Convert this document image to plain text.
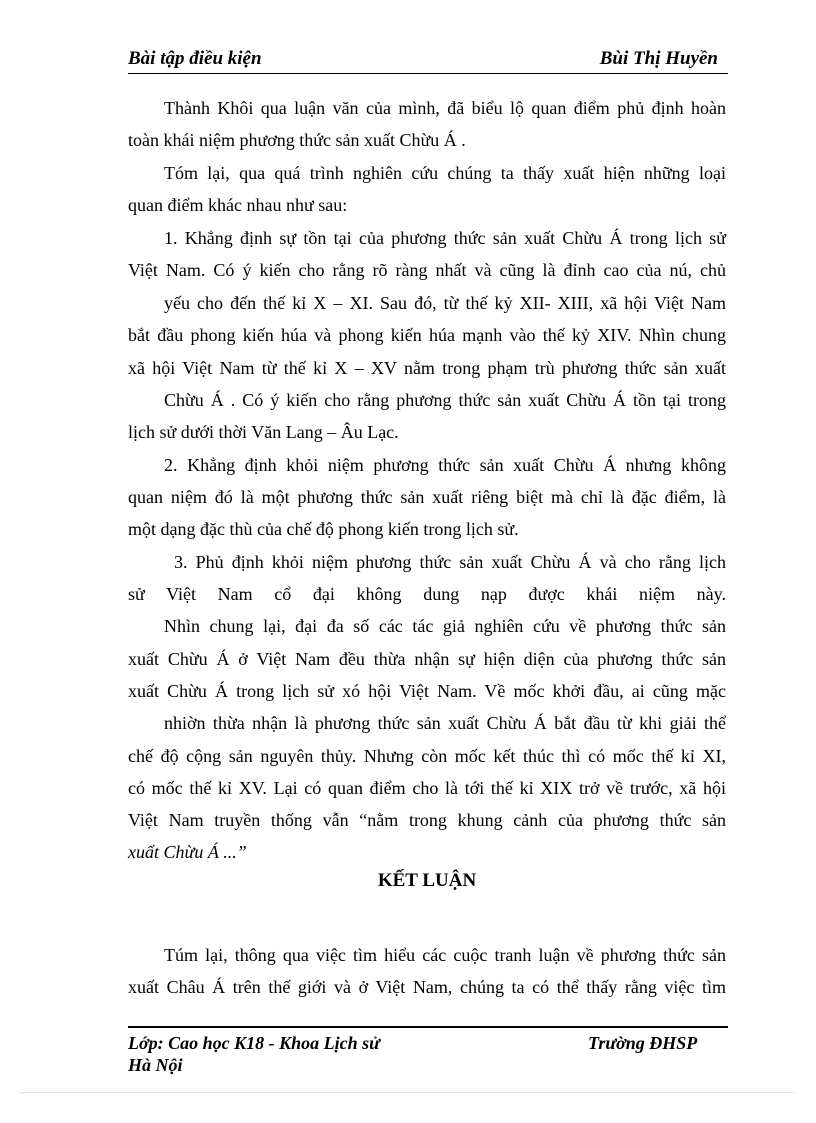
Bài tập điều kiện	Bùi Thị Huyền
Thành Khôi qua luận văn của mình, đã biểu lộ quan điểm phủ định hoàn
toàn khái niệm phương thức sản xuất Chừu Á .
Tóm lại, qua quá trình nghiên cứu chúng ta thấy xuất hiện những loại
quan điểm khác nhau như sau:
1. Khẳng định sự tồn tại của phương thức sản xuất Chừu Á trong lịch sử
Việt Nam. Có ý kiến cho rằng rõ ràng nhất và cũng là đỉnh cao của nú, chủ
yếu cho đến thế kỉ X – XI. Sau đó, từ thế kỷ XII- XIII, xã hội Việt Nam
bắt đầu phong kiến húa và phong kiến húa mạnh vào thế kỷ XIV. Nhìn chung
xã hội Việt Nam từ thế kỉ X – XV nằm trong phạm trù phương thức sản xuất
Chừu Á . Có ý kiến cho rằng phương thức sản xuất Chừu Á tồn tại trong
lịch sử dưới thời Văn Lang – Âu Lạc.
2. Khẳng định khỏi niệm phương thức sản xuất Chừu Á nhưng không
quan niệm đó là một phương thức sản xuất riêng biệt mà chỉ là đặc điểm, là
một dạng đặc thù của chế độ phong kiến trong lịch sử.
3. Phủ định khỏi niệm phương thức sản xuất Chừu Á và cho rằng lịch
sử Việt Nam cổ đại không dung nạp được khái niệm này.
Nhìn chung lại, đại đa số các tác giả nghiên cứu về phương thức sản
xuất Chừu Á ở Việt Nam đều thừa nhận sự hiện diện của phương thức sản
xuất Chừu Á trong lịch sử xó hội Việt Nam. Về mốc khởi đầu, ai cũng mặc
nhiờn thừa nhận là phương thức sản xuất Chừu Á bắt đầu từ khi giải thể
chế độ cộng sản nguyên thủy. Nhưng còn mốc kết thúc thì có mốc thế kỉ XI,
có mốc thế kỉ XV. Lại có quan điểm cho là tới thế kỉ XIX trở về trước, xã hội
Việt Nam truyền thống vẫn “nằm trong khung cảnh của phương thức sản
xuất Chừu Á ...”
KẾT LUẬN
Túm lại, thông qua việc tìm hiểu các cuộc tranh luận về phương thức sản
xuất Châu Á trên thế giới và ở Việt Nam, chúng ta có thể thấy rằng việc tìm
Lớp: Cao học K18 - Khoa Lịch sử	Trường ĐHSP
Hà Nội
